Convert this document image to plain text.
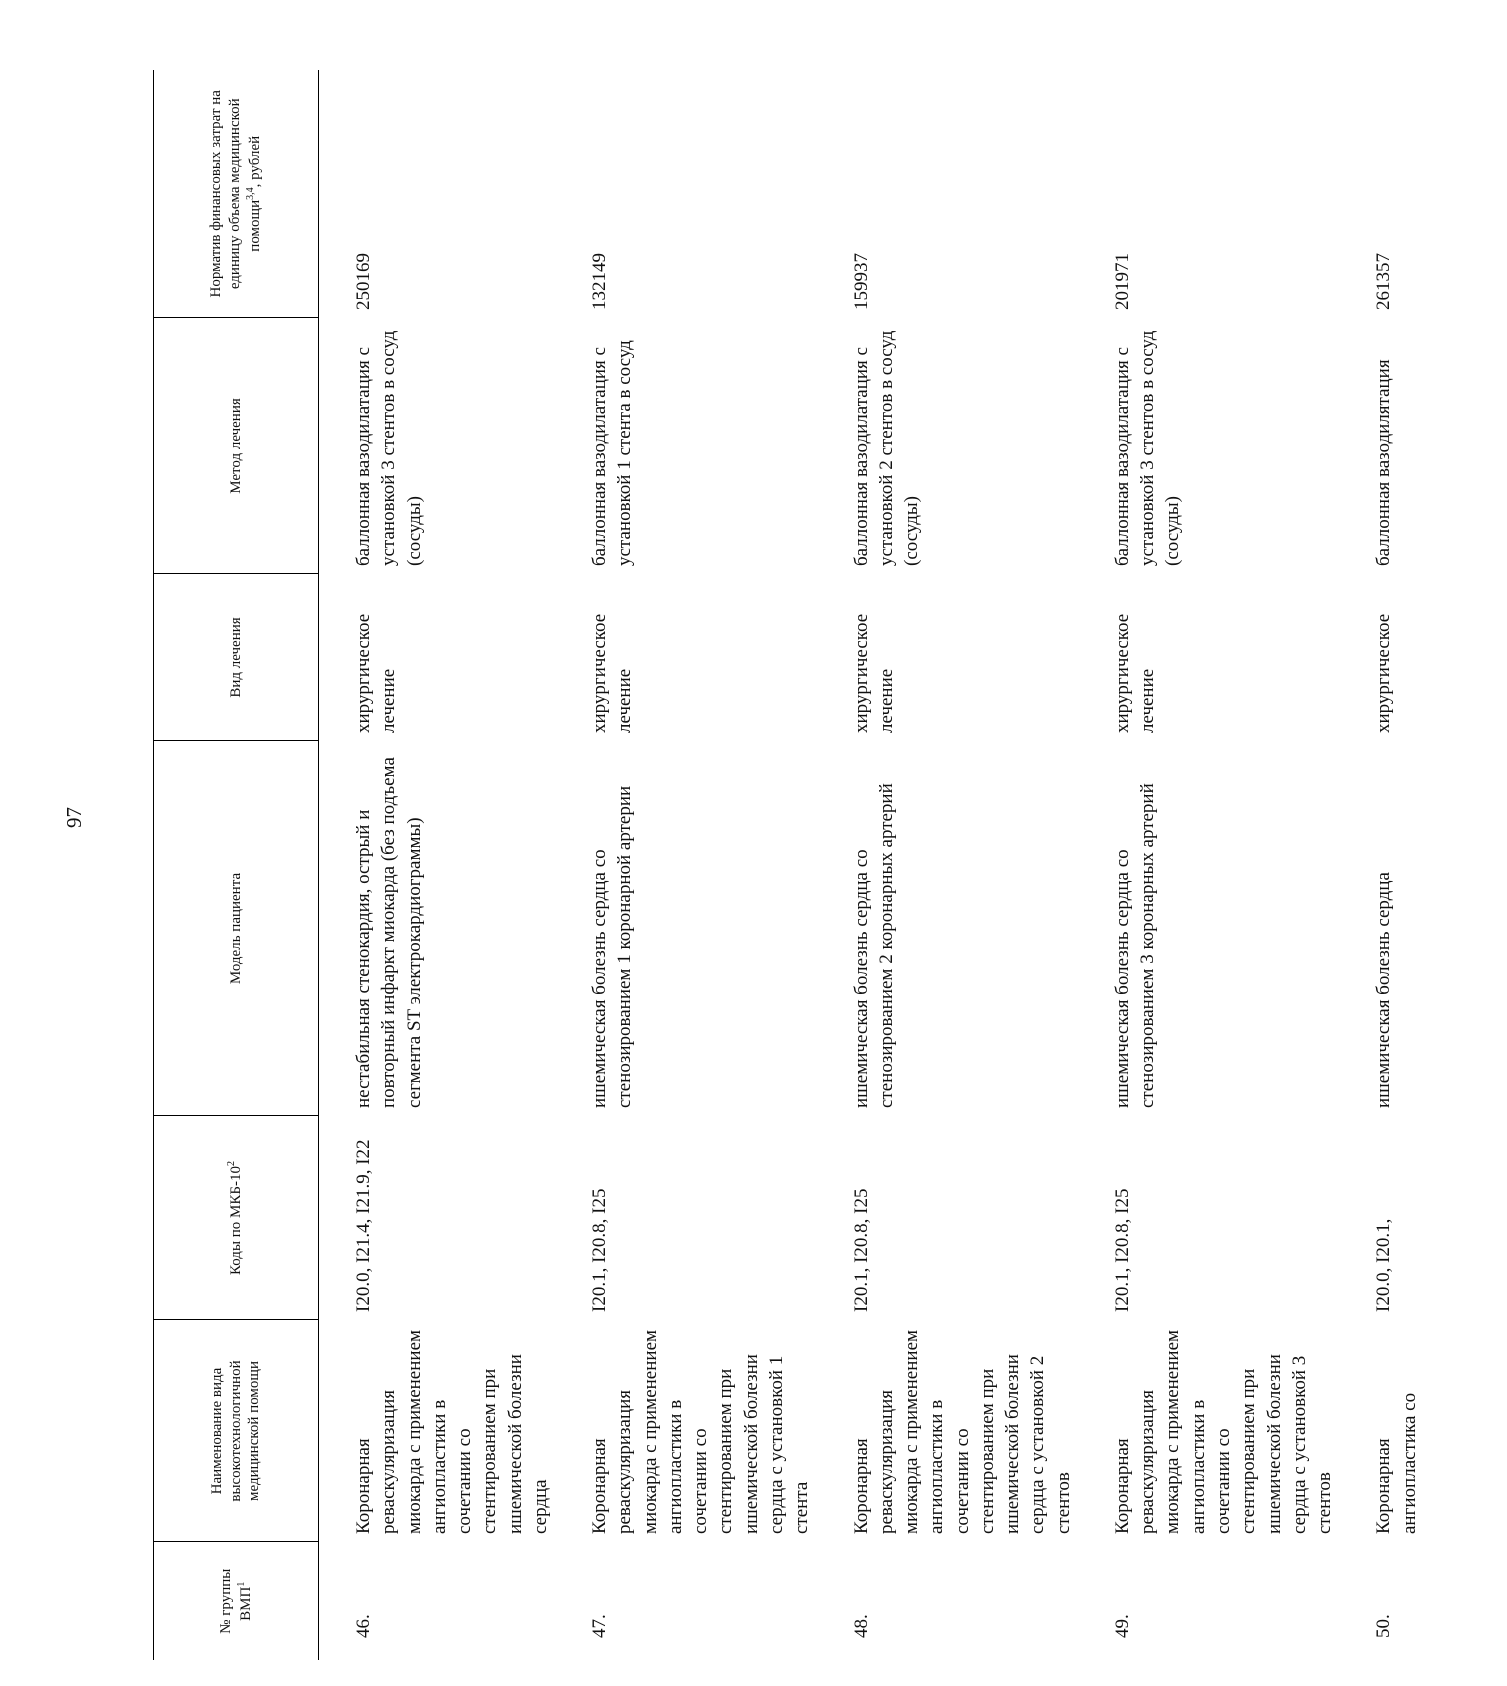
97
№ группы ВМП$^1$	Наименование вида высокотехнологичной медицинской помощи	Коды по МКБ-$10^2$	Модель пациента	Вид лечения	Метод лечения	Норматив финансовых затрат на единицу объема медицинской помощи$^{3,4}$, рублей
46.	Коронарная реваскуляризация миокарда с применением ангиопластики в сочетании со стентированием при ишемической болезни сердца	I20.0, I21.4, I21.9, I22	нестабильная стенокардия, острый и повторный инфаркт миокарда (без подъема сегмента ST электрокардиограммы)	хирургическое лечение	баллонная вазодилатация с установкой 3 стентов в сосуд (сосуды)	250169
47.	Коронарная реваскуляризация миокарда с применением ангиопластики в сочетании со стентированием при ишемической болезни сердца с установкой 1 стента	I20.1, I20.8, I25	ишемическая болезнь сердца со стенозированием 1 коронарной артерии	хирургическое лечение	баллонная вазодилатация с установкой 1 стента в сосуд	132149
48.	Коронарная реваскуляризация миокарда с применением ангиопластики в сочетании со стентированием при ишемической болезни сердца с установкой 2 стентов	I20.1, I20.8, I25	ишемическая болезнь сердца со стенозированием 2 коронарных артерий	хирургическое лечение	баллонная вазодилатация с установкой 2 стентов в сосуд (сосуды)	159937
49.	Коронарная реваскуляризация миокарда с применением ангиопластики в сочетании со стентированием при ишемической болезни сердца с установкой 3 стентов	I20.1, I20.8, I25	ишемическая болезнь сердца со стенозированием 3 коронарных артерий	хирургическое лечение	баллонная вазодилатация с установкой 3 стентов в сосуд (сосуды)	201971
50.	Коронарная ангиопластика со	I20.0, I20.1,	ишемическая болезнь сердца	хирургическое	баллонная вазодилятация	261357
